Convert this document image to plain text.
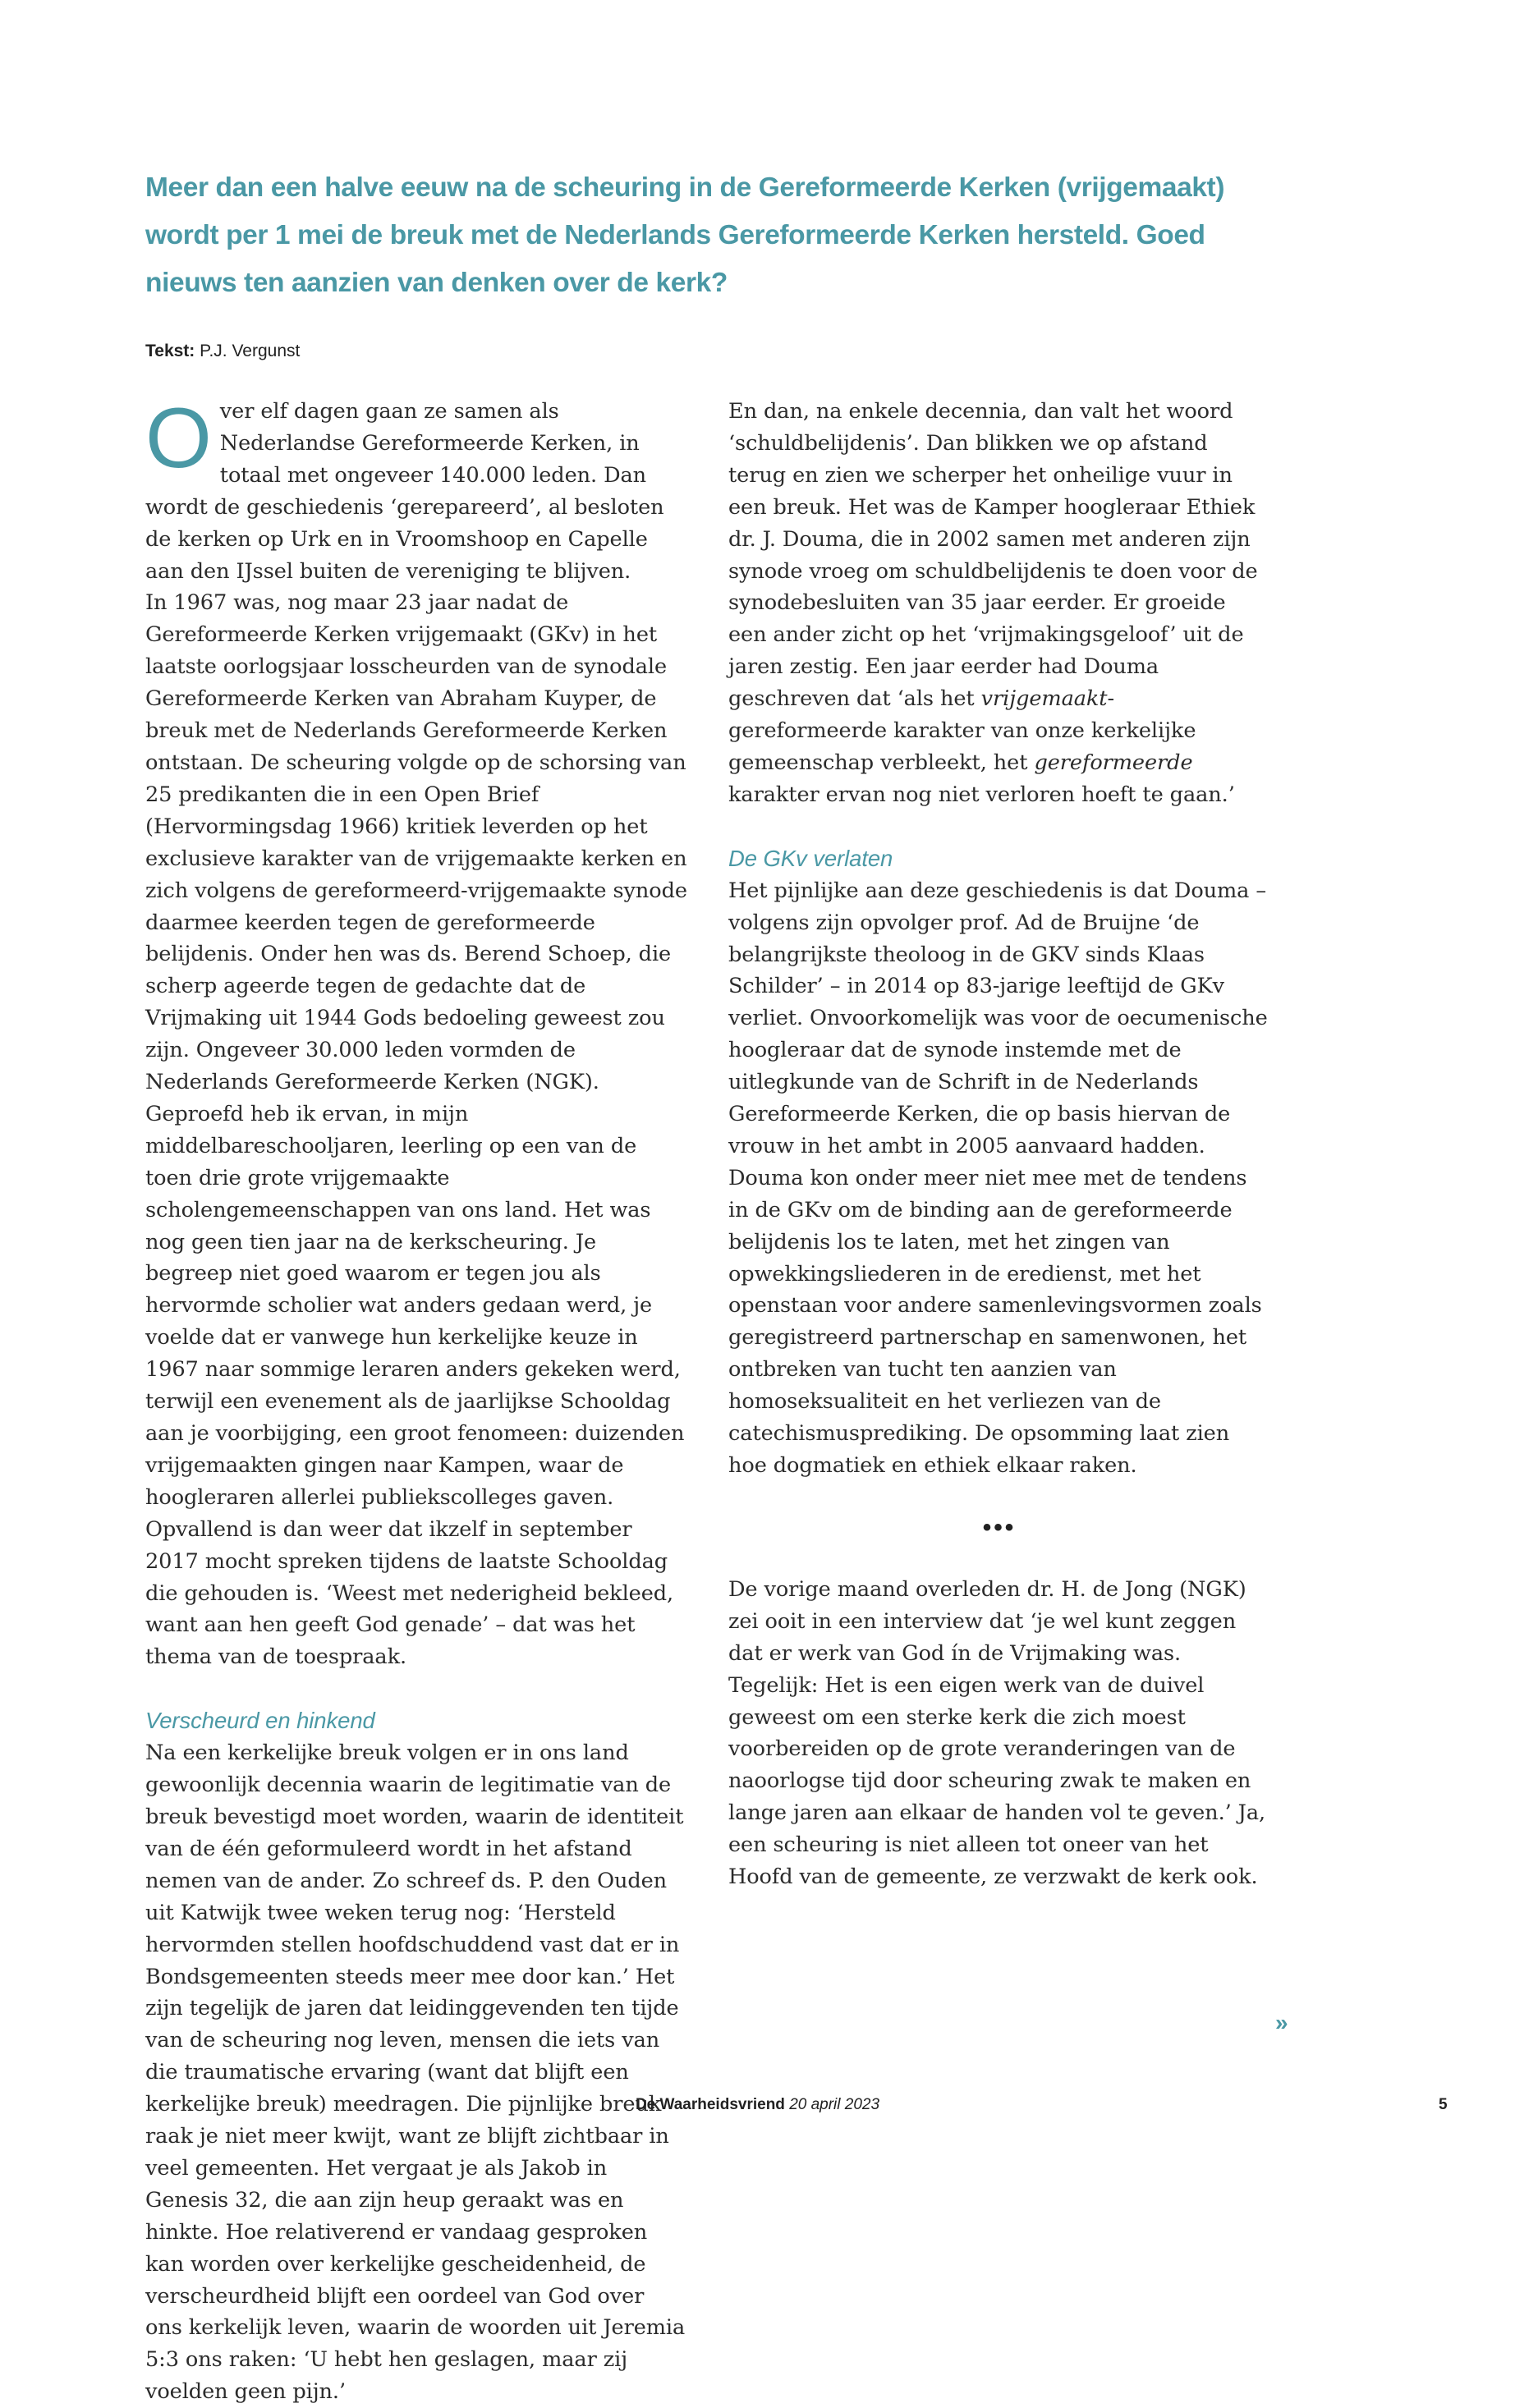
Meer dan een halve eeuw na de scheuring in de Gereformeerde Kerken (vrijgemaakt) wordt per 1 mei de breuk met de Nederlands Gereformeerde Kerken hersteld. Goed nieuws ten aanzien van denken over de kerk?

Tekst: P.J. Vergunst

Over elf dagen gaan ze samen als Nederlandse Gereformeerde Kerken, in totaal met ongeveer 140.000 leden. Dan wordt de geschiedenis ‘gerepareerd’, al besloten de kerken op Urk en in Vroomshoop en Capelle aan den IJssel buiten de vereniging te blijven.

In 1967 was, nog maar 23 jaar nadat de Gereformeerde Kerken vrijgemaakt (GKv) in het laatste oorlogsjaar losscheurden van de synodale Gereformeerde Kerken van Abraham Kuyper, de breuk met de Nederlands Gereformeerde Kerken ontstaan. De scheuring volgde op de schorsing van 25 predikanten die in een Open Brief (Hervormingsdag 1966) kritiek leverden op het exclusieve karakter van de vrijgemaakte kerken en zich volgens de gereformeerd-vrijgemaakte synode daarmee keerden tegen de gereformeerde belijdenis. Onder hen was ds. Berend Schoep, die scherp ageerde tegen de gedachte dat de Vrijmaking uit 1944 Gods bedoeling geweest zou zijn. Ongeveer 30.000 leden vormden de Nederlands Gereformeerde Kerken (NGK).

Geproefd heb ik ervan, in mijn middelbareschooljaren, leerling op een van de toen drie grote vrijgemaakte scholengemeenschappen van ons land. Het was nog geen tien jaar na de kerkscheuring. Je begreep niet goed waarom er tegen jou als hervormde scholier wat anders gedaan werd, je voelde dat er vanwege hun kerkelijke keuze in 1967 naar sommige leraren anders gekeken werd, terwijl een evenement als de jaarlijkse Schooldag aan je voorbijging, een groot fenomeen: duizenden vrijgemaakten gingen naar Kampen, waar de hoogleraren allerlei publiekscolleges gaven. Opvallend is dan weer dat ikzelf in september 2017 mocht spreken tijdens de laatste Schooldag die gehouden is. ‘Weest met nederigheid bekleed, want aan hen geeft God genade’ – dat was het thema van de toespraak.

Verscheurd en hinkend

Na een kerkelijke breuk volgen er in ons land gewoonlijk decennia waarin de legitimatie van de breuk bevestigd moet worden, waarin de identiteit van de één geformuleerd wordt in het afstand nemen van de ander. Zo schreef ds. P. den Ouden uit Katwijk twee weken terug nog: ‘Hersteld hervormden stellen hoofdschuddend vast dat er in Bondsgemeenten steeds meer mee door kan.’ Het zijn tegelijk de jaren dat leidinggevenden ten tijde van de scheuring nog leven, mensen die iets van die traumatische ervaring (want dat blijft een kerkelijke breuk) meedragen. Die pijnlijke breuk raak je niet meer kwijt, want ze blijft zichtbaar in veel gemeenten. Het vergaat je als Jakob in Genesis 32, die aan zijn heup geraakt was en hinkte. Hoe relativerend er vandaag gesproken kan worden over kerkelijke gescheidenheid, de verscheurdheid blijft een oordeel van God over ons kerkelijk leven, waarin de woorden uit Jeremia 5:3 ons raken: ‘U hebt hen geslagen, maar zij voelden geen pijn.’

En dan, na enkele decennia, dan valt het woord ‘schuldbelijdenis’. Dan blikken we op afstand terug en zien we scherper het onheilige vuur in een breuk. Het was de Kamper hoogleraar Ethiek dr. J. Douma, die in 2002 samen met anderen zijn synode vroeg om schuldbelijdenis te doen voor de synodebesluiten van 35 jaar eerder. Er groeide een ander zicht op het ‘vrijmakingsgeloof’ uit de jaren zestig. Een jaar eerder had Douma geschreven dat ‘als het vrijgemaakt-gereformeerde karakter van onze kerkelijke gemeenschap verbleekt, het gereformeerde karakter ervan nog niet verloren hoeft te gaan.’

De GKv verlaten

Het pijnlijke aan deze geschiedenis is dat Douma – volgens zijn opvolger prof. Ad de Bruijne ‘de belangrijkste theoloog in de GKV sinds Klaas Schilder’ – in 2014 op 83-jarige leeftijd de GKv verliet. Onvoorkomelijk was voor de oecumenische hoogleraar dat de synode instemde met de uitlegkunde van de Schrift in de Nederlands Gereformeerde Kerken, die op basis hiervan de vrouw in het ambt in 2005 aanvaard hadden. Douma kon onder meer niet mee met de tendens in de GKv om de binding aan de gereformeerde belijdenis los te laten, met het zingen van opwekkingsliederen in de eredienst, met het openstaan voor andere samenlevingsvormen zoals geregistreerd partnerschap en samenwonen, het ontbreken van tucht ten aanzien van homoseksualiteit en het verliezen van de catechismusprediking. De opsomming laat zien hoe dogmatiek en ethiek elkaar raken.

•••

De vorige maand overleden dr. H. de Jong (NGK) zei ooit in een interview dat ‘je wel kunt zeggen dat er werk van God ín de Vrijmaking was. Tegelijk: Het is een eigen werk van de duivel geweest om een sterke kerk die zich moest voorbereiden op de grote veranderingen van de naoorlogse tijd door scheuring zwak te maken en lange jaren aan elkaar de handen vol te geven.’ Ja, een scheuring is niet alleen tot oneer van het Hoofd van de gemeente, ze verzwakt de kerk ook.

»
De Waarheidsvriend 20 april 2023	5
